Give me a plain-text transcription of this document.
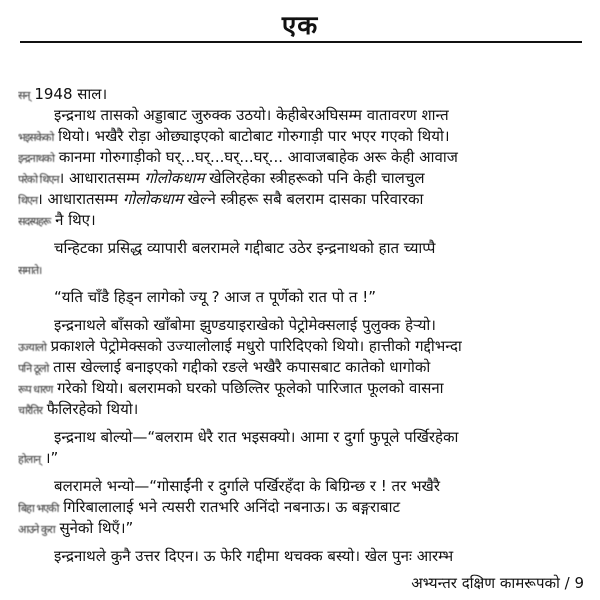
एक
सन् 1948 साल।
इन्द्रनाथ तासको अड्डाबाट जुरुक्क उठयो। केहीबेरअघिसम्म वातावरण शान्त
भइसकेको थियो। भखैरै रोड़ा ओछ्याइएको बाटोबाट गोरुगाड़ी पार भएर गएको थियो।
इन्द्रनाथको कानमा गोरुगाड़ीको घर्...घर्...घर्...घर्... आवाजबाहेक अरू केही आवाज
परेको थिएन। आधारातसम्म गोलोकधाम खेलिरहेका स्त्रीहरूको पनि केही चालचुल
थिएन। आधारातसम्म गोलोकधाम खेल्ने स्त्रीहरू सबै बलराम दासका परिवारका
सदस्यहरू नै थिए।
चन्हिटका प्रसिद्ध व्यापारी बलरामले गद्दीबाट उठेर इन्द्रनाथको हात च्याप्पै
समाते।
“यति चाँडै हिड्न लागेको ज्यू ? आज त पूर्णेको रात पो त !”
इन्द्रनाथले बाँसको खाँबोमा झुण्डयाइराखेको पेट्रोमेक्सलाई पुलुक्क हेऱ्यो।
उज्यालो प्रकाशले पेट्रोमेक्सको उज्यालोलाई मधुरो पारिदिएको थियो। हात्तीको गद्दीभन्दा
पनि ठूलो तास खेल्लाई बनाइएको गद्दीको रङले भखैरै कपासबाट कातेको धागोको
रूप धारण गरेको थियो। बलरामको घरको पछिल्तिर फूलेको पारिजात फूलको वासना
चारैतिर फैलिरहेको थियो।
इन्द्रनाथ बोल्यो—“बलराम धेरै रात भइसक्यो। आमा र दुर्गा फुपूले पर्खिरहेका
होलान् ।”
बलरामले भन्यो—“गोसाईंनी र दुर्गाले पर्खिरहँदा के बिग्रिन्छ र ! तर भखैरै
बिहा भएकी गिरिबालालाई भने त्यसरी रातभरि अनिंदो नबनाऊ। ऊ बङ्गराबाट
आउने कुरा सुनेको थिएँ।”
इन्द्रनाथले कुनै उत्तर दिएन। ऊ फेरि गद्दीमा थचक्क बस्यो। खेल पुनः आरम्भ
अभ्यन्तर दक्षिण कामरूपको / 9
